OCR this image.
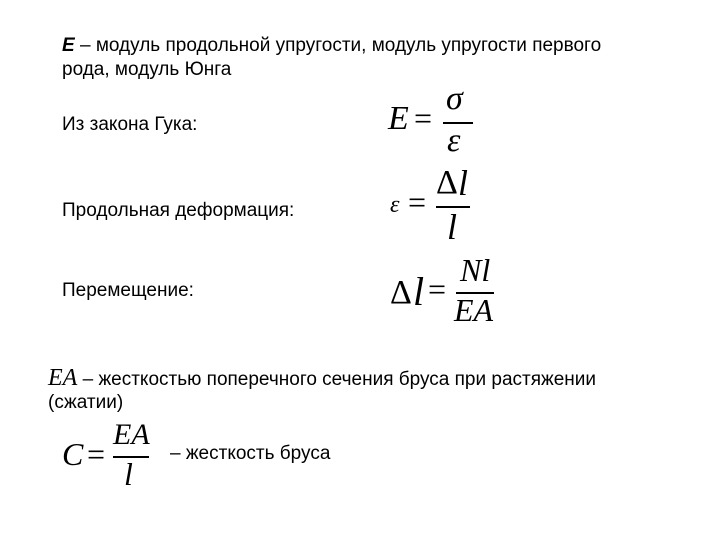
E – модуль продольной упругости, модуль упругости первого
рода, модуль Юнга
Из закона Гука:	E =
σ
ε
Продольная деформация:	ε =
Δ l
l
Перемещение:	Δ l =
Nl
EA
EA – жесткостью поперечного сечения бруса при растяжении
(сжатии)
C =
EA
l
– жесткость бруса
